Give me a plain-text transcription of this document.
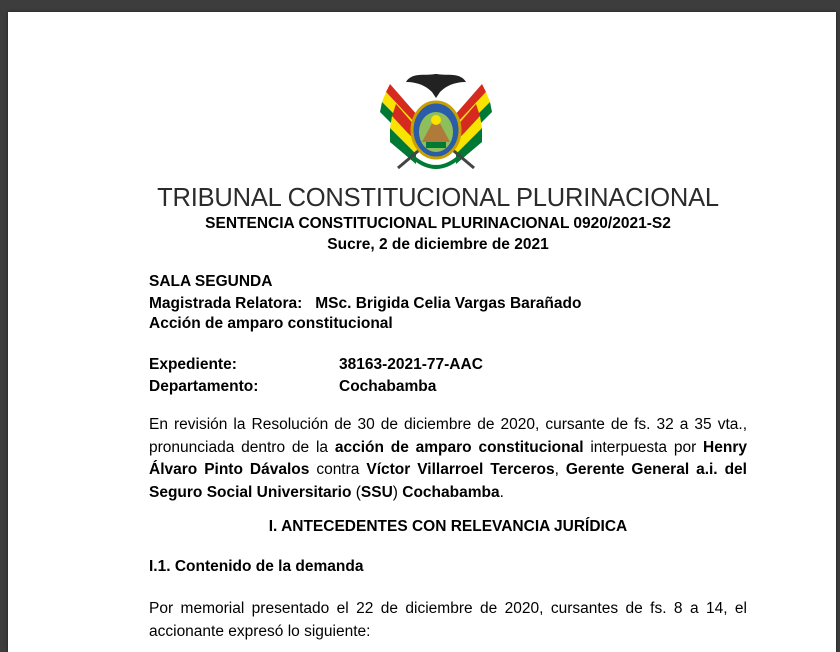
TRIBUNAL CONSTITUCIONAL PLURINACIONAL
SENTENCIA CONSTITUCIONAL PLURINACIONAL 0920/2021-S2
Sucre, 2 de diciembre de 2021
SALA SEGUNDA
Magistrada Relatora: MSc. Brigida Celia Vargas Barañado
Acción de amparo constitucional
Expediente:	38163-2021-77-AAC
Departamento:	Cochabamba
En revisión la Resolución de 30 de diciembre de 2020, cursante de fs. 32 a 35 vta., pronunciada dentro de la acción de amparo constitucional interpuesta por Henry Álvaro Pinto Dávalos contra Víctor Villarroel Terceros, Gerente General a.i. del Seguro Social Universitario (SSU) Cochabamba.
I. ANTECEDENTES CON RELEVANCIA JURÍDICA
I.1. Contenido de la demanda
Por memorial presentado el 22 de diciembre de 2020, cursantes de fs. 8 a 14, el accionante expresó lo siguiente:
